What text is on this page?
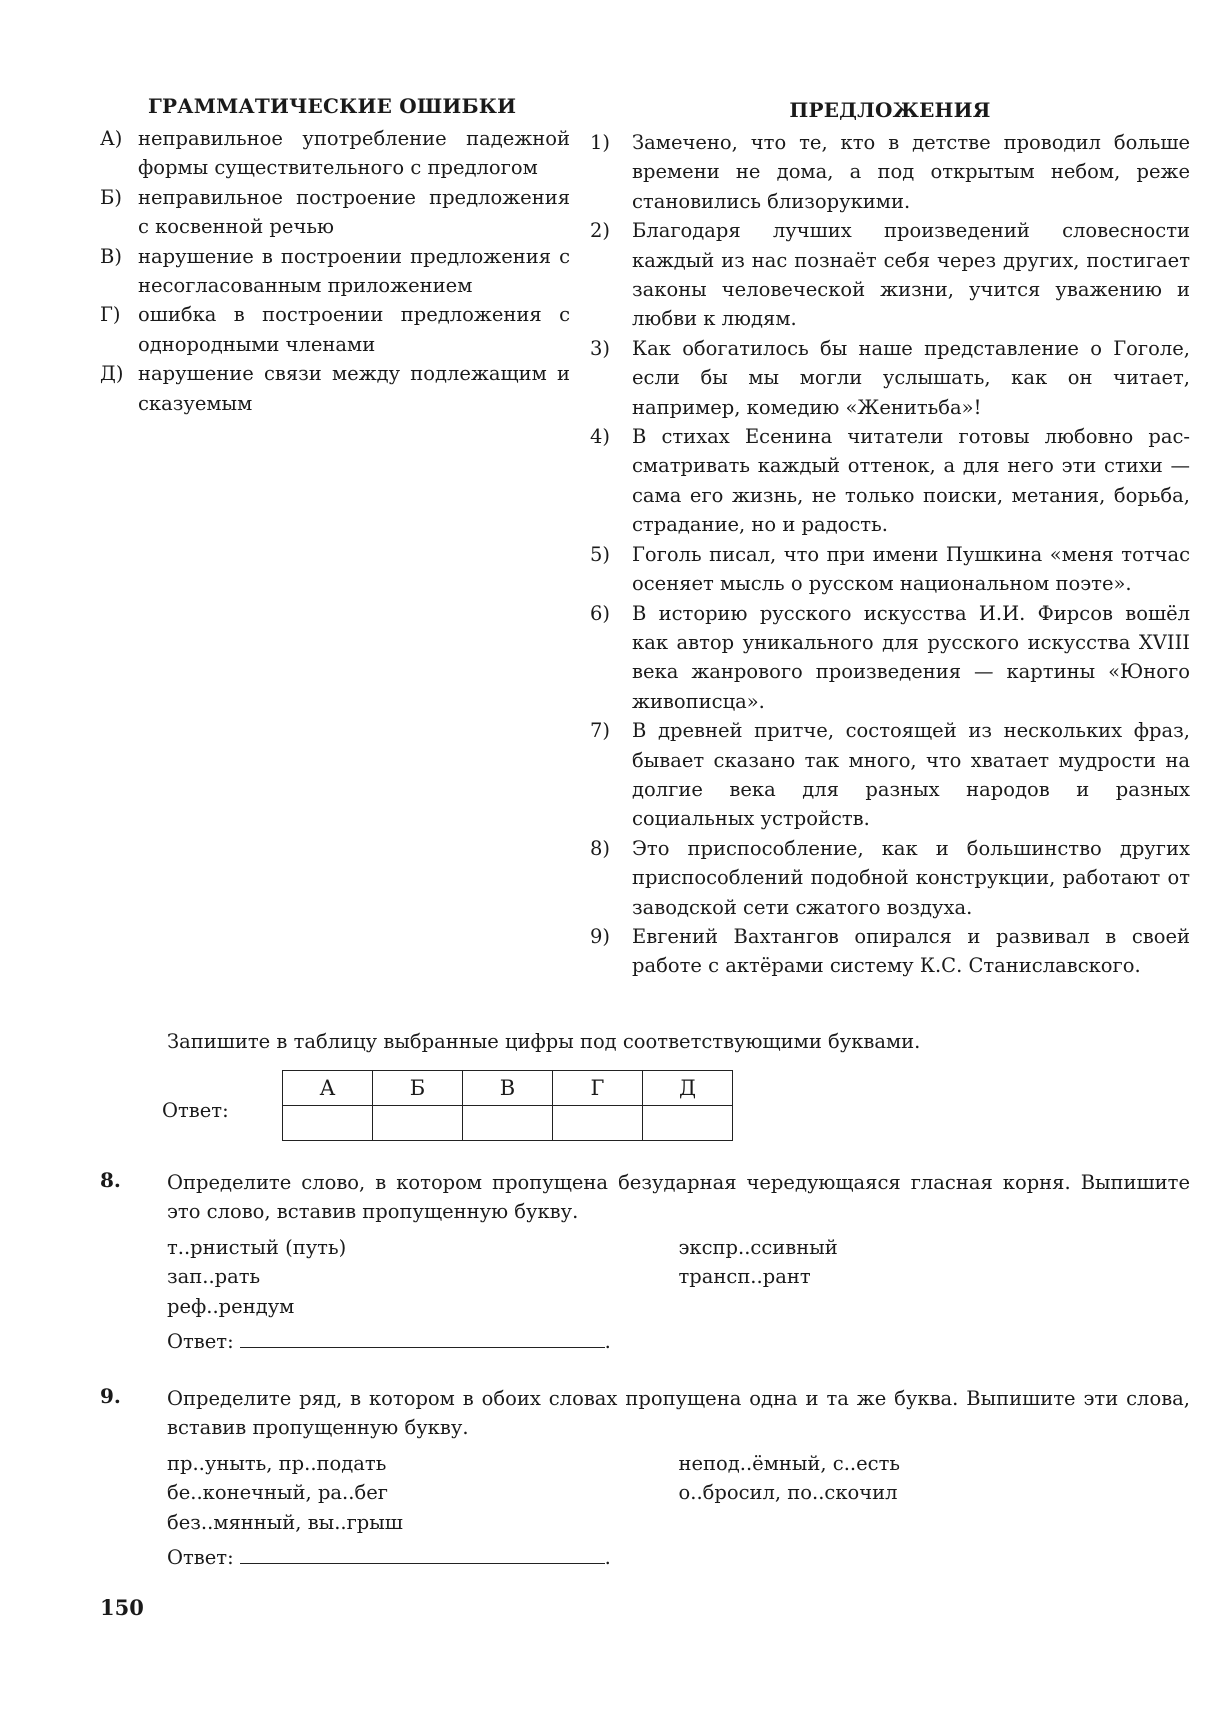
ГРАММАТИЧЕСКИЕ ОШИБКИ
А) неправильное употребление падежной формы существительного с предлогом
Б) неправильное построение предложения с косвенной речью
В) нарушение в построении предложения с несогласованным приложением
Г) ошибка в построении предложения с однородными членами
Д) нарушение связи между подлежащим и сказуемым
ПРЕДЛОЖЕНИЯ
1)	Замечено, что те, кто в детстве проводил больше времени не дома, а под открытым небом, реже становились близорукими.
2)	Благодаря лучших произведений словесности каждый из нас познаёт себя через других, постигает законы человеческой жизни, учится уважению и любви к людям.
3)	Как обогатилось бы наше представление о Гоголе, если бы мы могли услышать, как он читает, например, комедию «Женитьба»!
4)	В стихах Есенина читатели готовы любовно рассматривать каждый оттенок, а для него эти стихи — сама его жизнь, не только поиски, метания, борьба, страдание, но и радость.
5)	Гоголь писал, что при имени Пушкина «меня тотчас осеняет мысль о русском национальном поэте».
6)	В историю русского искусства И.И. Фирсов вошёл как автор уникального для русского искусства XVIII века жанрового произведения — картины «Юного живописца».
7)	В древней притче, состоящей из нескольких фраз, бывает сказано так много, что хватает мудрости на долгие века для разных народов и разных социальных устройств.
8)	Это приспособление, как и большинство других приспособлений подобной конструкции, работают от заводской сети сжатого воздуха.
9)	Евгений Вахтангов опирался и развивал в своей работе с актёрами систему К.С. Станиславского.
Запишите в таблицу выбранные цифры под соответствующими буквами.
Ответ:
А	Б	В	Г	Д

8. Определите слово, в котором пропущена безударная чередующаяся гласная корня. Выпишите это слово, вставив пропущенную букву.
т..рнистый (путь)
зап..рать
реф..рендум
экспр..ссивный
трансп..рант
Ответ:	.
9. Определите ряд, в котором в обоих словах пропущена одна и та же буква. Выпишите эти слова, вставив пропущенную букву.
пр..уныть, пр..подать
бе..конечный, ра..бег
без..мянный, вы..грыш
непод..ёмный, с..есть
о..бросил, по..скочил
Ответ:	.
150
